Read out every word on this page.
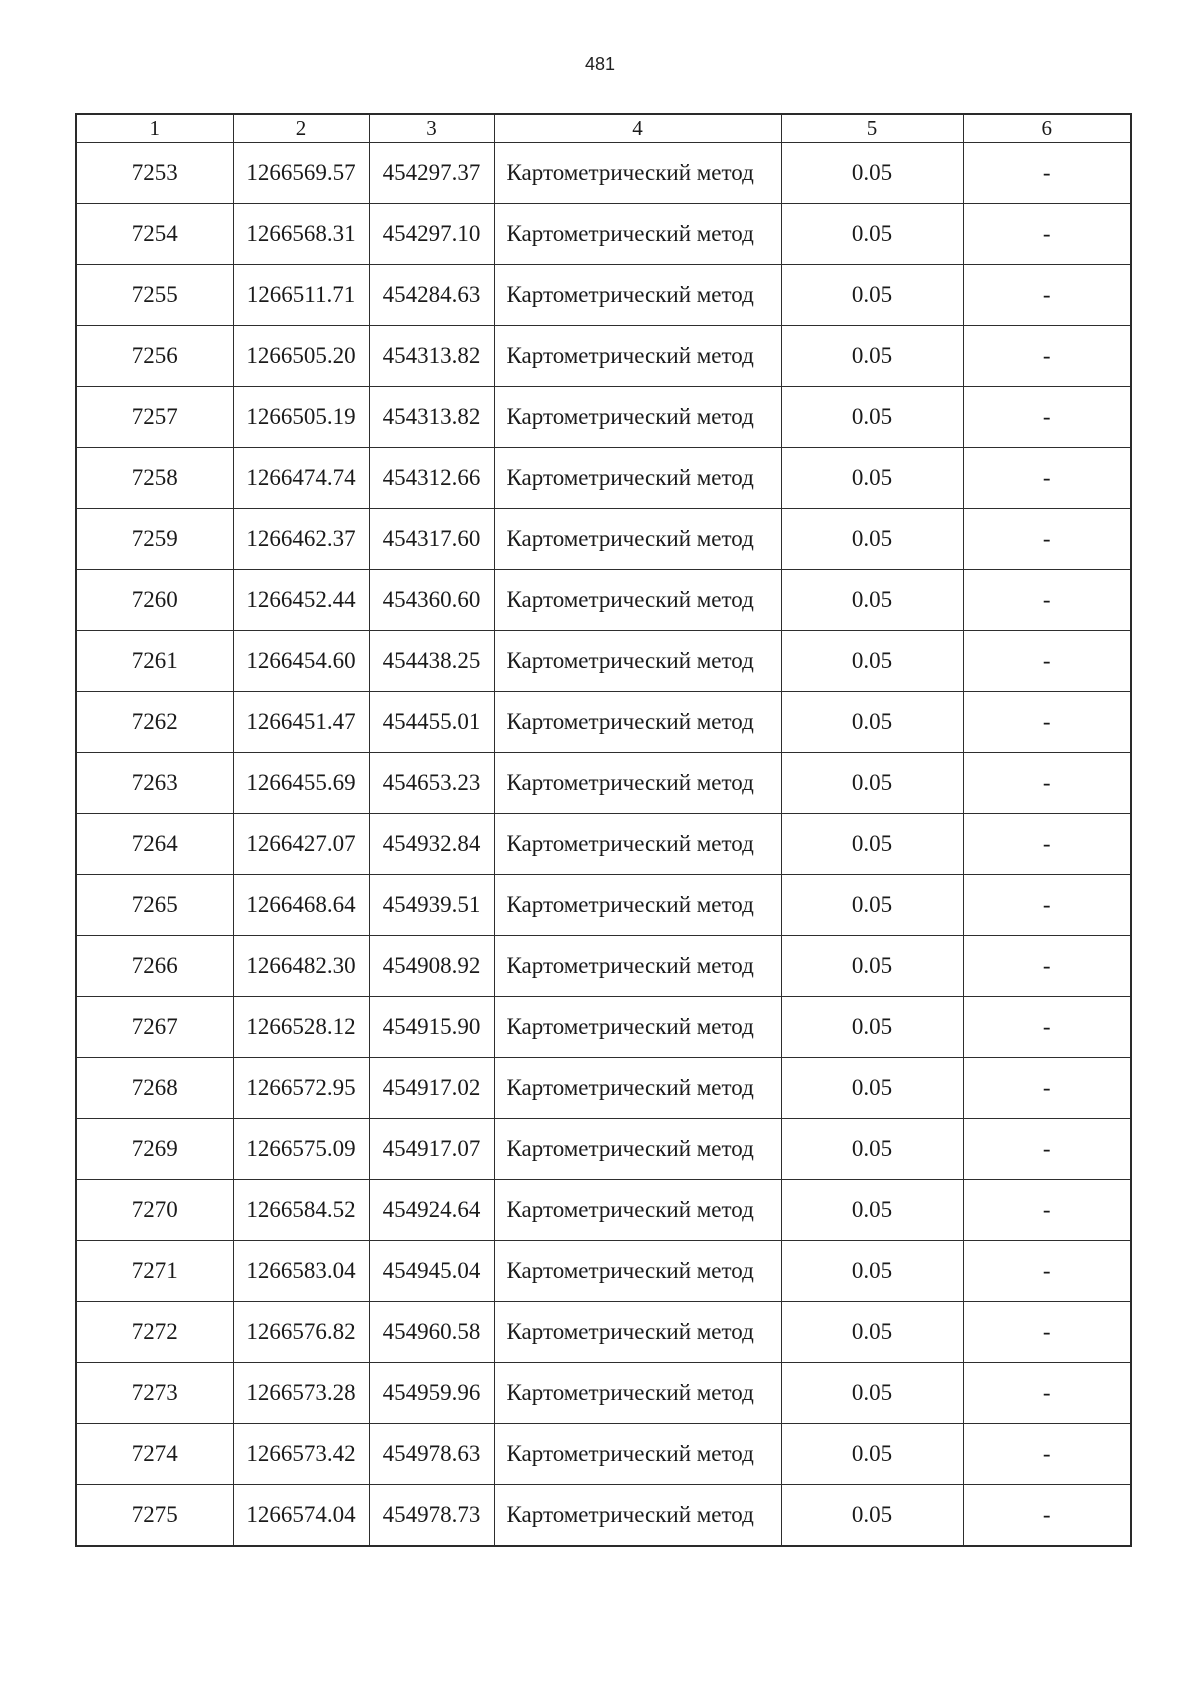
481
1	2	3	4	5	6
7253	1266569.57	454297.37	Картометрический метод	0.05	-
7254	1266568.31	454297.10	Картометрический метод	0.05	-
7255	1266511.71	454284.63	Картометрический метод	0.05	-
7256	1266505.20	454313.82	Картометрический метод	0.05	-
7257	1266505.19	454313.82	Картометрический метод	0.05	-
7258	1266474.74	454312.66	Картометрический метод	0.05	-
7259	1266462.37	454317.60	Картометрический метод	0.05	-
7260	1266452.44	454360.60	Картометрический метод	0.05	-
7261	1266454.60	454438.25	Картометрический метод	0.05	-
7262	1266451.47	454455.01	Картометрический метод	0.05	-
7263	1266455.69	454653.23	Картометрический метод	0.05	-
7264	1266427.07	454932.84	Картометрический метод	0.05	-
7265	1266468.64	454939.51	Картометрический метод	0.05	-
7266	1266482.30	454908.92	Картометрический метод	0.05	-
7267	1266528.12	454915.90	Картометрический метод	0.05	-
7268	1266572.95	454917.02	Картометрический метод	0.05	-
7269	1266575.09	454917.07	Картометрический метод	0.05	-
7270	1266584.52	454924.64	Картометрический метод	0.05	-
7271	1266583.04	454945.04	Картометрический метод	0.05	-
7272	1266576.82	454960.58	Картометрический метод	0.05	-
7273	1266573.28	454959.96	Картометрический метод	0.05	-
7274	1266573.42	454978.63	Картометрический метод	0.05	-
7275	1266574.04	454978.73	Картометрический метод	0.05	-
